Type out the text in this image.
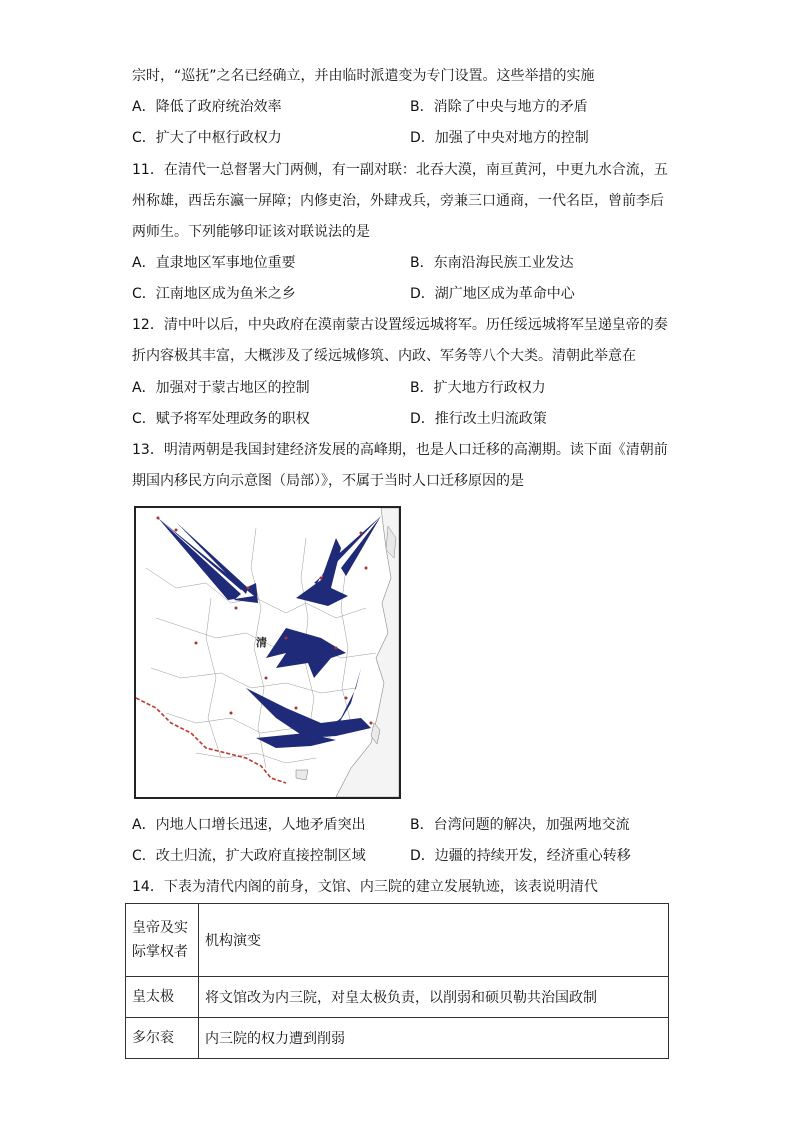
宗时，“巡抚”之名已经确立，并由临时派遣变为专门设置。这些举措的实施
A．降低了政府统治效率	B．消除了中央与地方的矛盾
C．扩大了中枢行政权力	D．加强了中央对地方的控制
11．在清代一总督署大门两侧，有一副对联：北吞大漠，南亘黄河，中更九水合流，五
州称雄，西岳东瀛一屏障；内修吏治，外肆戎兵，旁兼三口通商，一代名臣，曾前李后
两师生。下列能够印证该对联说法的是
A．直隶地区军事地位重要	B．东南沿海民族工业发达
C．江南地区成为鱼米之乡	D．湖广地区成为革命中心
12．清中叶以后，中央政府在漠南蒙古设置绥远城将军。历任绥远城将军呈递皇帝的奏
折内容极其丰富，大概涉及了绥远城修筑、内政、军务等八个大类。清朝此举意在
A．加强对于蒙古地区的控制	B．扩大地方行政权力
C．赋予将军处理政务的职权	D．推行改土归流政策
13．明清两朝是我国封建经济发展的高峰期，也是人口迁移的高潮期。读下面《清朝前
期国内移民方向示意图（局部）》，不属于当时人口迁移原因的是
清
A．内地人口增长迅速，人地矛盾突出	B．台湾问题的解决，加强两地交流
C．改土归流，扩大政府直接控制区域	D．边疆的持续开发，经济重心转移
14．下表为清代内阁的前身，文馆、内三院的建立发展轨迹，该表说明清代
皇帝及实际掌权者	机构演变
皇太极	将文馆改为内三院，对皇太极负责，以削弱和硕贝勒共治国政制
多尔衮	内三院的权力遭到削弱
